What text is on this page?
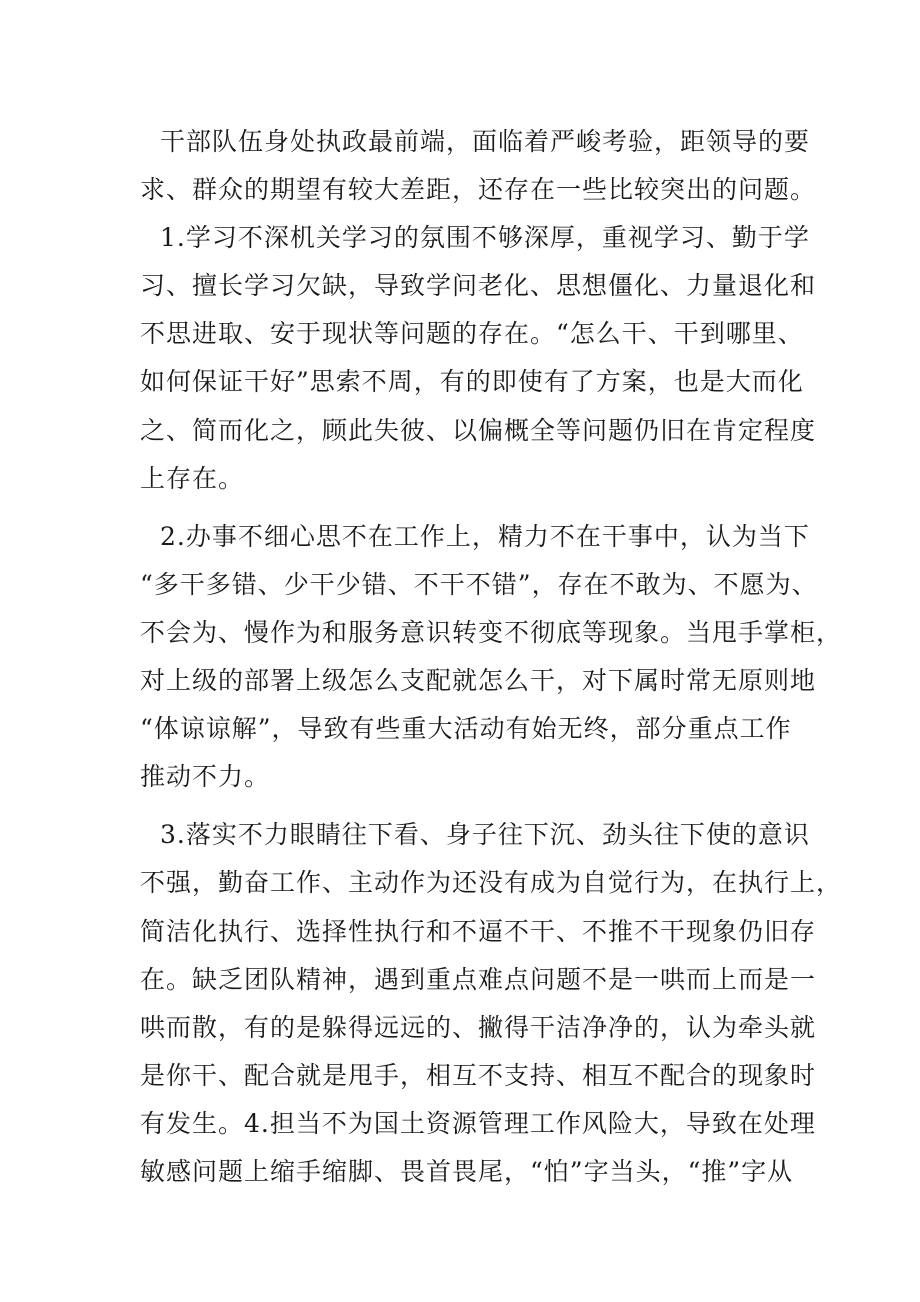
干部队伍身处执政最前端，面临着严峻考验，距领导的要
求、群众的期望有较大差距，还存在一些比较突出的问题。
1.学习不深机关学习的氛围不够深厚，重视学习、勤于学
习、擅长学习欠缺，导致学问老化、思想僵化、力量退化和
不思进取、安于现状等问题的存在。“怎么干、干到哪里、
如何保证干好”思索不周，有的即使有了方案，也是大而化
之、简而化之，顾此失彼、以偏概全等问题仍旧在肯定程度
上存在。
2.办事不细心思不在工作上，精力不在干事中，认为当下
“多干多错、少干少错、不干不错”，存在不敢为、不愿为、
不会为、慢作为和服务意识转变不彻底等现象。当甩手掌柜，
对上级的部署上级怎么支配就怎么干，对下属时常无原则地
“体谅谅解”，导致有些重大活动有始无终，部分重点工作
推动不力。
3.落实不力眼睛往下看、身子往下沉、劲头往下使的意识
不强，勤奋工作、主动作为还没有成为自觉行为，在执行上，
简洁化执行、选择性执行和不逼不干、不推不干现象仍旧存
在。缺乏团队精神，遇到重点难点问题不是一哄而上而是一
哄而散，有的是躲得远远的、撇得干洁净净的，认为牵头就
是你干、配合就是甩手，相互不支持、相互不配合的现象时
有发生。4.担当不为国土资源管理工作风险大，导致在处理
敏感问题上缩手缩脚、畏首畏尾，“怕”字当头，“推”字从
